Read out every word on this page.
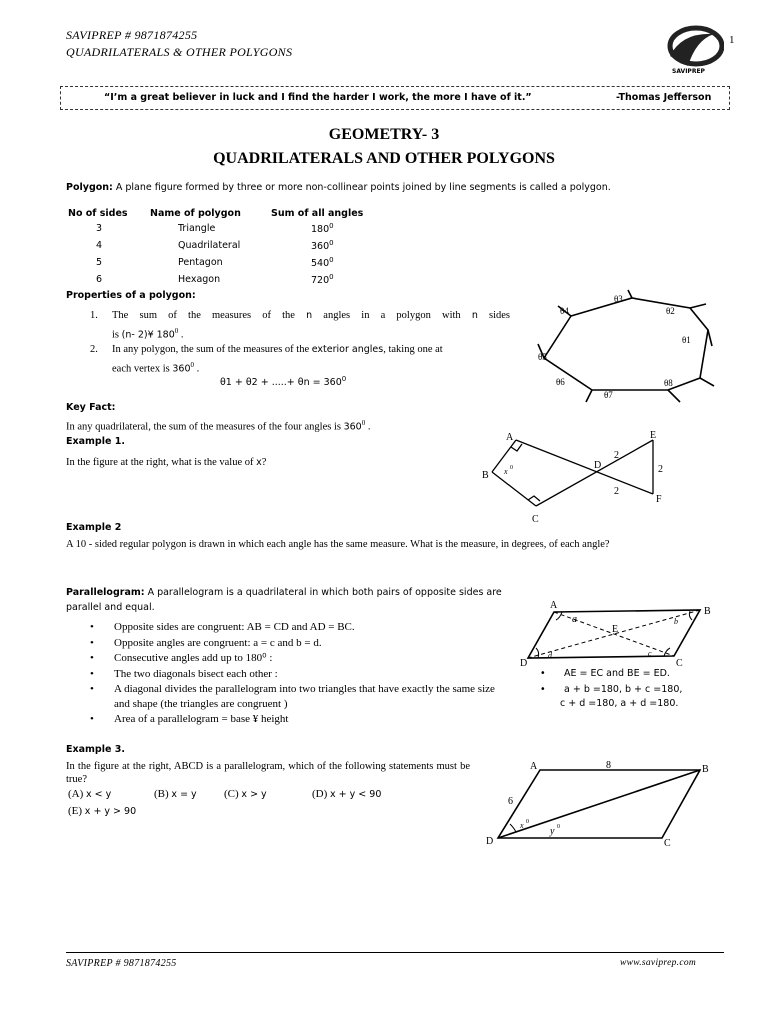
SAVIPREP # 9871874255
QUADRILATERALS & OTHER POLYGONS
SAVIPREP
1
“I’m a great believer in luck and I find the harder I work, the more I have of it.”	-Thomas Jefferson
GEOMETRY- 3
QUADRILATERALS AND OTHER POLYGONS
Polygon: A plane figure formed by three or more non-collinear points joined by line segments is called a polygon.
No of sides	Name of polygon	Sum of all angles
3	Triangle	$180^0$
4	Quadrilateral	$360^0$
5	Pentagon	$540^0$
6	Hexagon	$720^0$
Properties of a polygon:
1. The sum of the measures of the n angles in a polygon with n sides
is (n- 2)¥ $180^0$ .
2. In any polygon, the sum of the measures of the exterior angles, taking one at
each vertex is $360^0$ .
θ1 + θ2 + .....+ $\theta n = 360^0$
θ3
θ2
θ4
θ1
θ5
θ8
θ6
θ7
Key Fact:
In any quadrilateral, the sum of the measures of the four angles is $360^0$ .
Example 1.
In the figure at the right, what is the value of x?
A
B
D
E
F
C
2
2
2
x 0
Example 2
A 10 - sided regular polygon is drawn in which each angle has the same measure. What is the measure, in degrees, of each angle?
Parallelogram: A parallelogram is a quadrilateral in which both pairs of opposite sides are parallel and equal.
• Opposite sides are congruent: AB = CD and AD = BC.
• Opposite angles are congruent: a = c and b = d.
• Consecutive angles add up to 180⁰ :
• The two diagonals bisect each other :
• A diagonal divides the parallelogram into two triangles that have exactly the same size and shape (the triangles are congruent )
• Area of a parallelogram = base ¥ height
A
B
C
D
E
a	b
c
d
• AE = EC and BE = ED.
•	a + b =180, b + c =180,
c + d =180, a + d =180.
Example 3.
In the figure at the right, ABCD is a parallelogram, which of the following statements must be true?
(A) x < y	(B) x = y (C) x > y	(D) x + y < 90
(E) x + y > 90
A	B
C
D
8
6
x 0
y 0
SAVIPREP # 9871874255	www.saviprep.com
